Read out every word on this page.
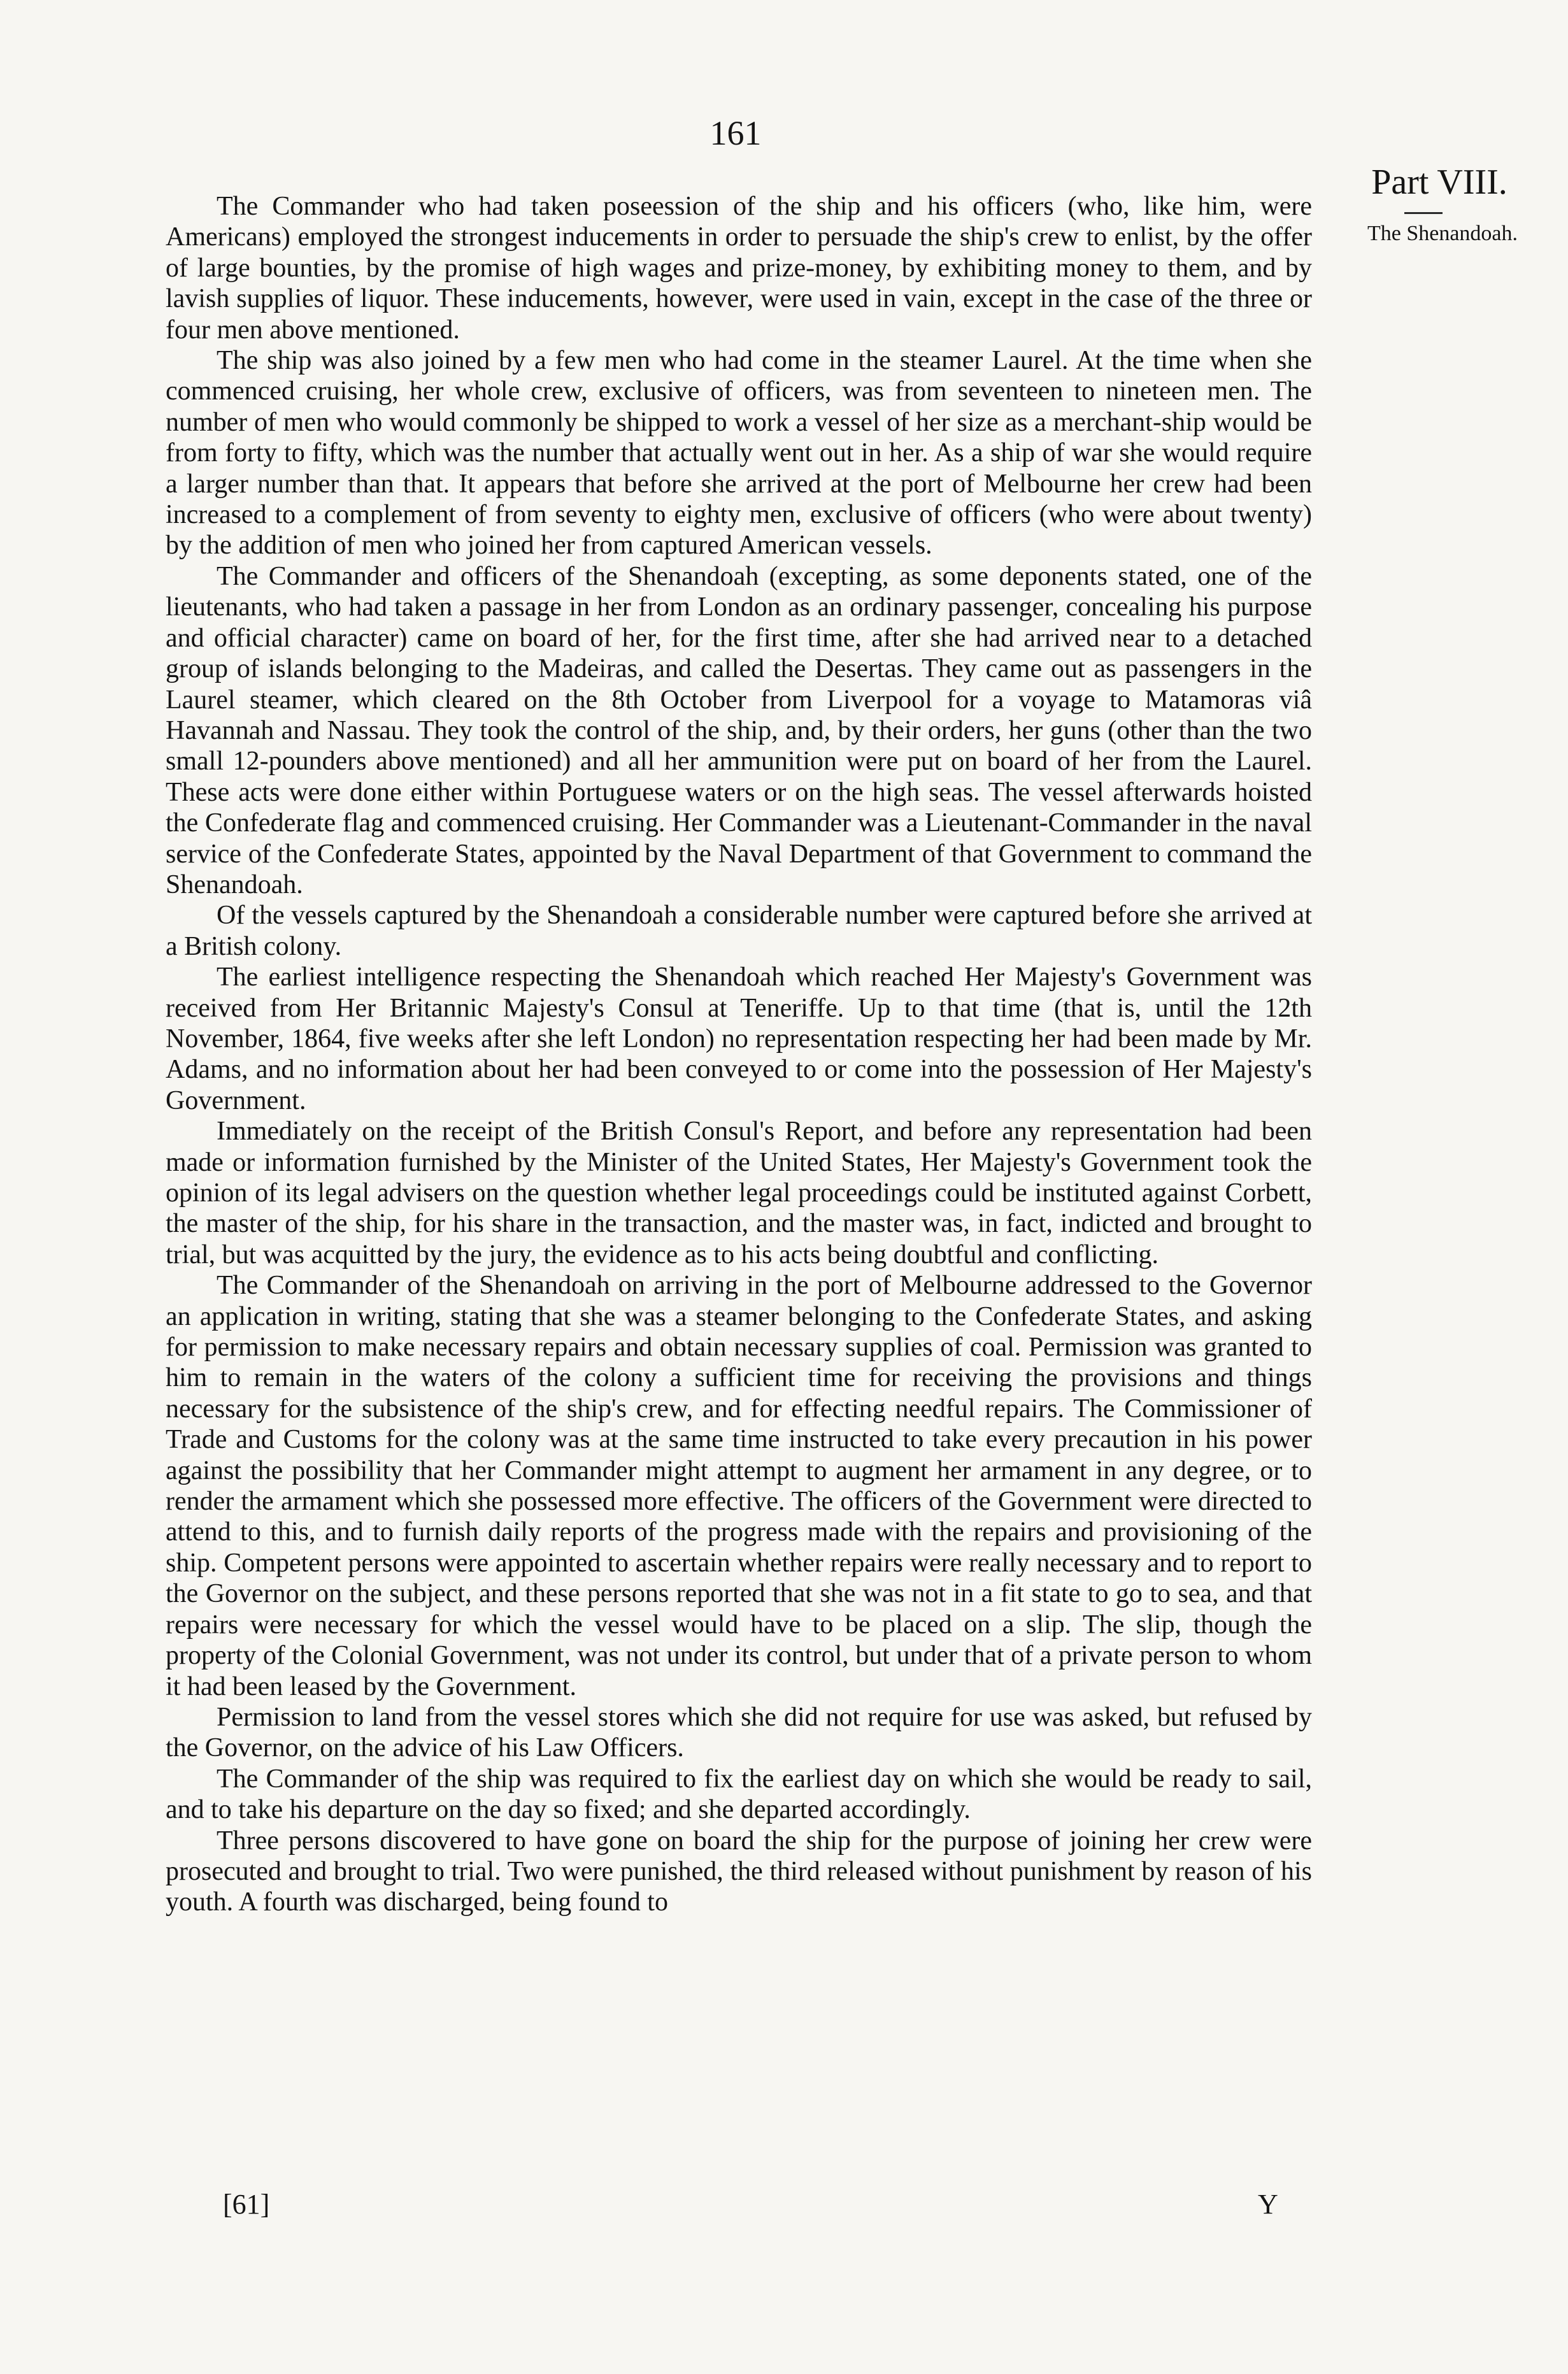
161
Part VIII.
The Shenandoah.

The Commander who had taken poseession of the ship and his officers (who, like him, were Americans) employed the strongest inducements in order to persuade the ship's crew to enlist, by the offer of large bounties, by the promise of high wages and prize-money, by exhibiting money to them, and by lavish supplies of liquor. These inducements, however, were used in vain, except in the case of the three or four men above mentioned.

The ship was also joined by a few men who had come in the steamer Laurel. At the time when she commenced cruising, her whole crew, exclusive of officers, was from seventeen to nineteen men. The number of men who would commonly be shipped to work a vessel of her size as a merchant-ship would be from forty to fifty, which was the number that actually went out in her. As a ship of war she would require a larger number than that. It appears that before she arrived at the port of Melbourne her crew had been increased to a complement of from seventy to eighty men, exclusive of officers (who were about twenty) by the addition of men who joined her from captured American vessels.

The Commander and officers of the Shenandoah (excepting, as some deponents stated, one of the lieutenants, who had taken a passage in her from London as an ordinary passenger, concealing his purpose and official character) came on board of her, for the first time, after she had arrived near to a detached group of islands belonging to the Madeiras, and called the Desertas. They came out as passengers in the Laurel steamer, which cleared on the 8th October from Liverpool for a voyage to Matamoras viâ Havannah and Nassau. They took the control of the ship, and, by their orders, her guns (other than the two small 12-pounders above mentioned) and all her ammunition were put on board of her from the Laurel. These acts were done either within Portuguese waters or on the high seas. The vessel afterwards hoisted the Confederate flag and commenced cruising. Her Commander was a Lieutenant-Commander in the naval service of the Confederate States, appointed by the Naval Department of that Government to command the Shenandoah.

Of the vessels captured by the Shenandoah a considerable number were captured before she arrived at a British colony.

The earliest intelligence respecting the Shenandoah which reached Her Majesty's Government was received from Her Britannic Majesty's Consul at Teneriffe. Up to that time (that is, until the 12th November, 1864, five weeks after she left London) no representation respecting her had been made by Mr. Adams, and no information about her had been conveyed to or come into the possession of Her Majesty's Government.

Immediately on the receipt of the British Consul's Report, and before any representation had been made or information furnished by the Minister of the United States, Her Majesty's Government took the opinion of its legal advisers on the question whether legal proceedings could be instituted against Corbett, the master of the ship, for his share in the transaction, and the master was, in fact, indicted and brought to trial, but was acquitted by the jury, the evidence as to his acts being doubtful and conflicting.

The Commander of the Shenandoah on arriving in the port of Melbourne addressed to the Governor an application in writing, stating that she was a steamer belonging to the Confederate States, and asking for permission to make necessary repairs and obtain necessary supplies of coal. Permission was granted to him to remain in the waters of the colony a sufficient time for receiving the provisions and things necessary for the subsistence of the ship's crew, and for effecting needful repairs. The Commissioner of Trade and Customs for the colony was at the same time instructed to take every precaution in his power against the possibility that her Commander might attempt to augment her armament in any degree, or to render the armament which she possessed more effective. The officers of the Government were directed to attend to this, and to furnish daily reports of the progress made with the repairs and provisioning of the ship. Competent persons were appointed to ascertain whether repairs were really necessary and to report to the Governor on the subject, and these persons reported that she was not in a fit state to go to sea, and that repairs were necessary for which the vessel would have to be placed on a slip. The slip, though the property of the Colonial Government, was not under its control, but under that of a private person to whom it had been leased by the Government.

Permission to land from the vessel stores which she did not require for use was asked, but refused by the Governor, on the advice of his Law Officers.

The Commander of the ship was required to fix the earliest day on which she would be ready to sail, and to take his departure on the day so fixed; and she departed accordingly.

Three persons discovered to have gone on board the ship for the purpose of joining her crew were prosecuted and brought to trial. Two were punished, the third released without punishment by reason of his youth. A fourth was discharged, being found to

[61]	Y
